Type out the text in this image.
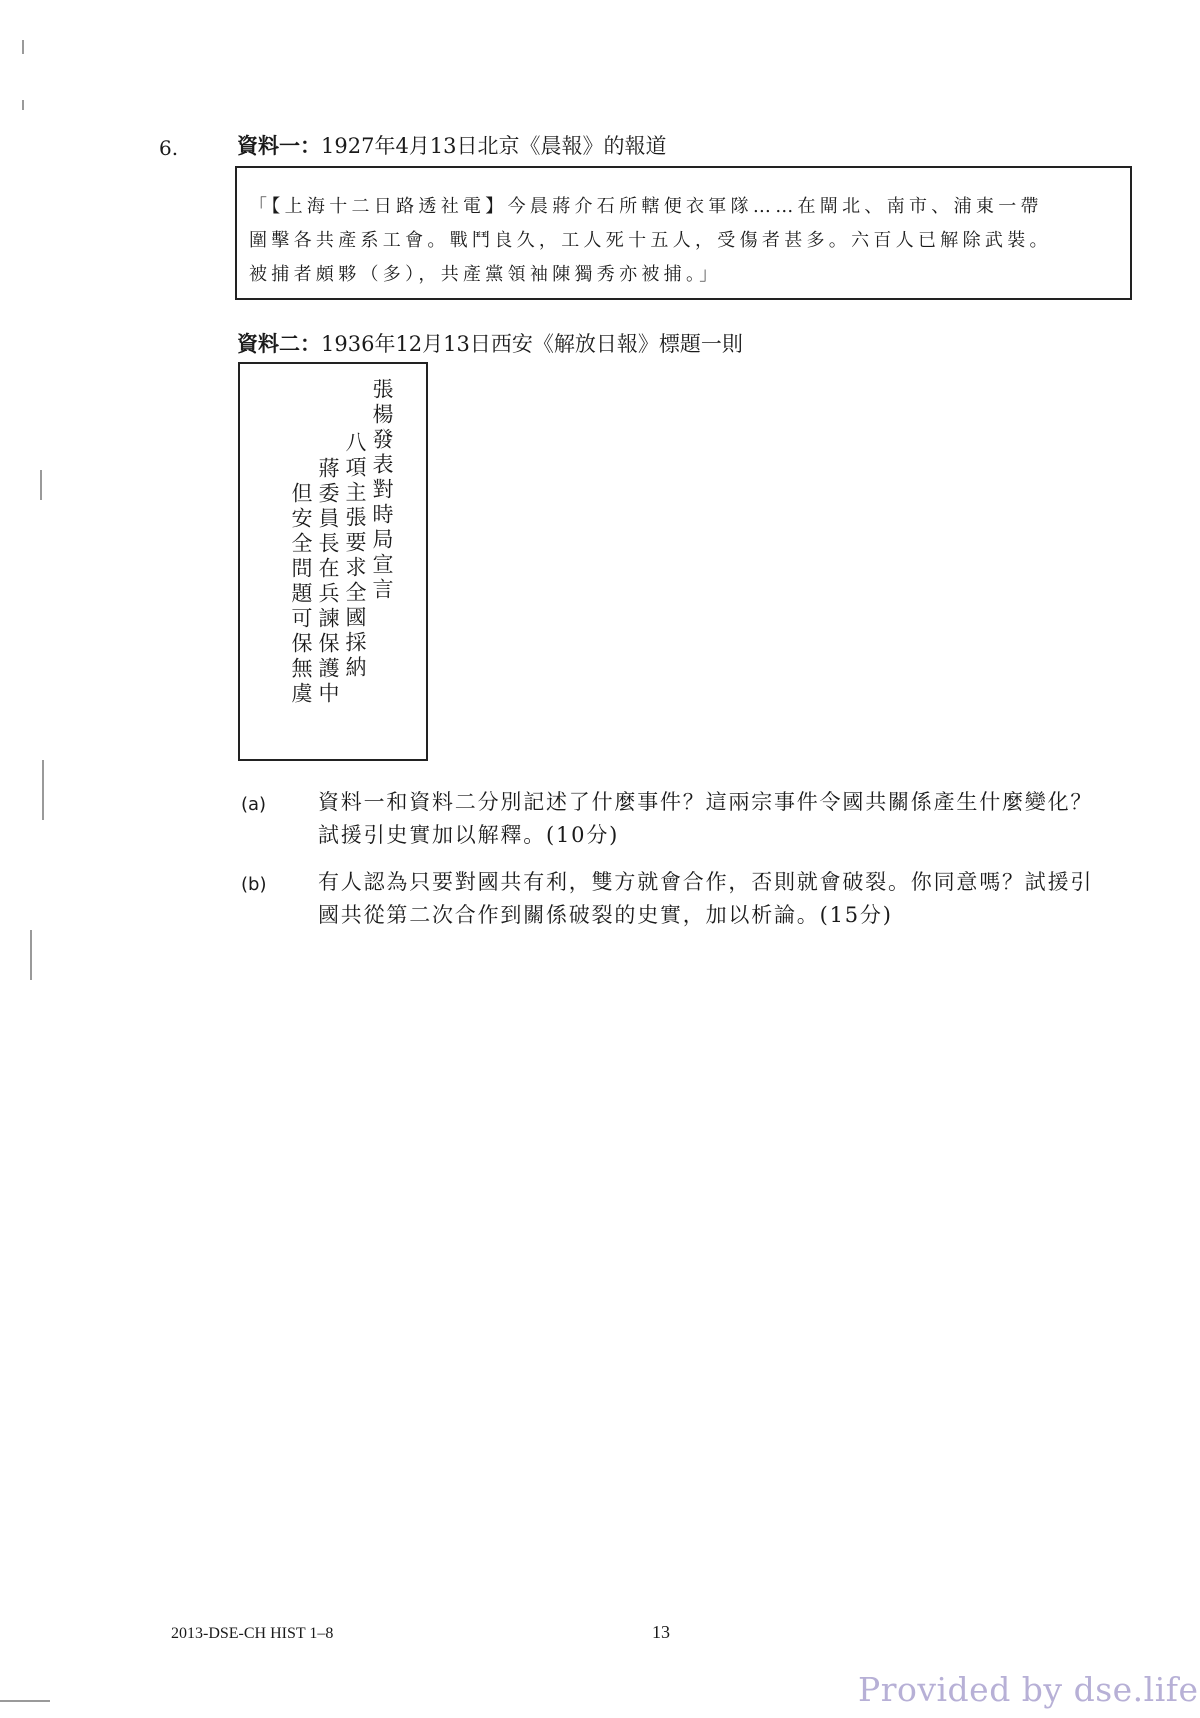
6.	資料一：1927年4月13日北京《晨報》的報道
「【上海十二日路透社電】今晨蔣介石所轄便衣軍隊……在閘北、南市、浦東一帶
圍擊各共產系工會。戰鬥良久，工人死十五人，受傷者甚多。六百人已解除武裝。
被捕者頗夥（多），共產黨領袖陳獨秀亦被捕。」
資料二：1936年12月13日西安《解放日報》標題一則
張楊發表對時局宣言
八項主張要求全國採納
蔣委員長在兵諫保護中
但安全問題可保無虞
(a) 資料一和資料二分別記述了什麼事件？這兩宗事件令國共關係產生什麼變化？
試援引史實加以解釋。(10分)
(b) 有人認為只要對國共有利，雙方就會合作，否則就會破裂。你同意嗎？試援引
國共從第二次合作到關係破裂的史實，加以析論。(15分)
2013-DSE-CH HIST 1–8	13
Provided by dse.life
